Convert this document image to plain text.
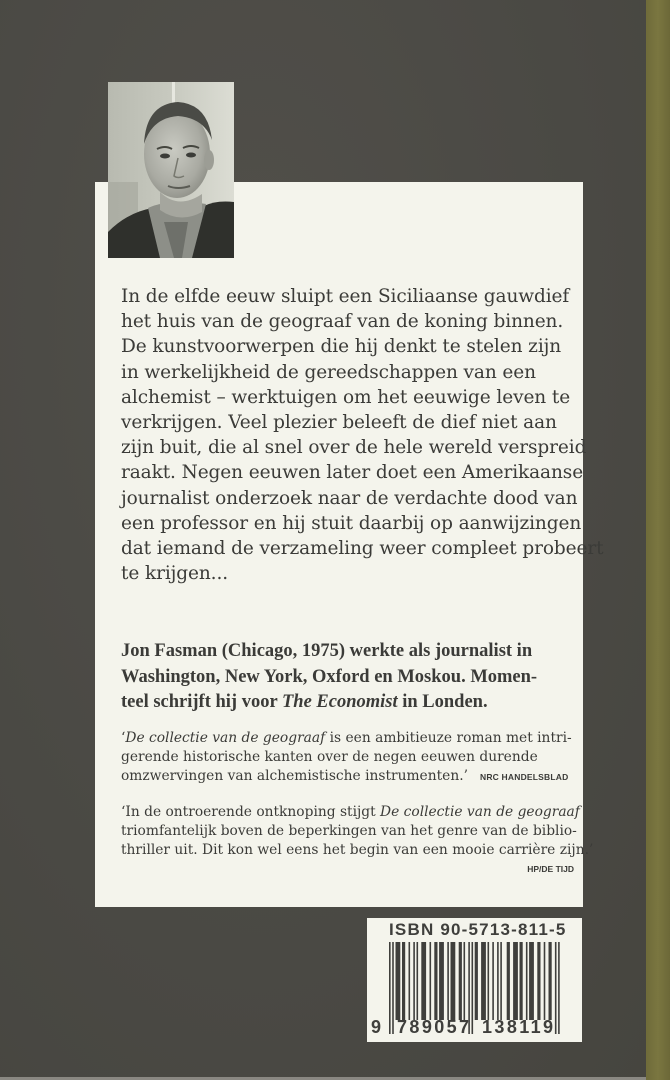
In de elfde eeuw sluipt een Siciliaanse gauwdief
het huis van de geograaf van de koning binnen.
De kunstvoorwerpen die hij denkt te stelen zijn
in werkelijkheid de gereedschappen van een
alchemist – werktuigen om het eeuwige leven te
verkrijgen. Veel plezier beleeft de dief niet aan
zijn buit, die al snel over de hele wereld verspreid
raakt. Negen eeuwen later doet een Amerikaanse
journalist onderzoek naar de verdachte dood van
een professor en hij stuit daarbij op aanwijzingen
dat iemand de verzameling weer compleet probeert
te krijgen...
Jon Fasman (Chicago, 1975) werkte als journalist in
Washington, New York, Oxford en Moskou. Momen-
teel schrijft hij voor The Economist in Londen.
‘De collectie van de geograaf is een ambitieuze roman met intri-
gerende historische kanten over de negen eeuwen durende
omzwervingen van alchemistische instrumenten.’ NRC HANDELSBLAD
‘In de ontroerende ontknoping stijgt De collectie van de geograaf
triomfantelijk boven de beperkingen van het genre van de biblio-
thriller uit. Dit kon wel eens het begin van een mooie carrière zijn.’
HP/DE TIJD
ISBN 90-5713-811-5
9 789057 138119
